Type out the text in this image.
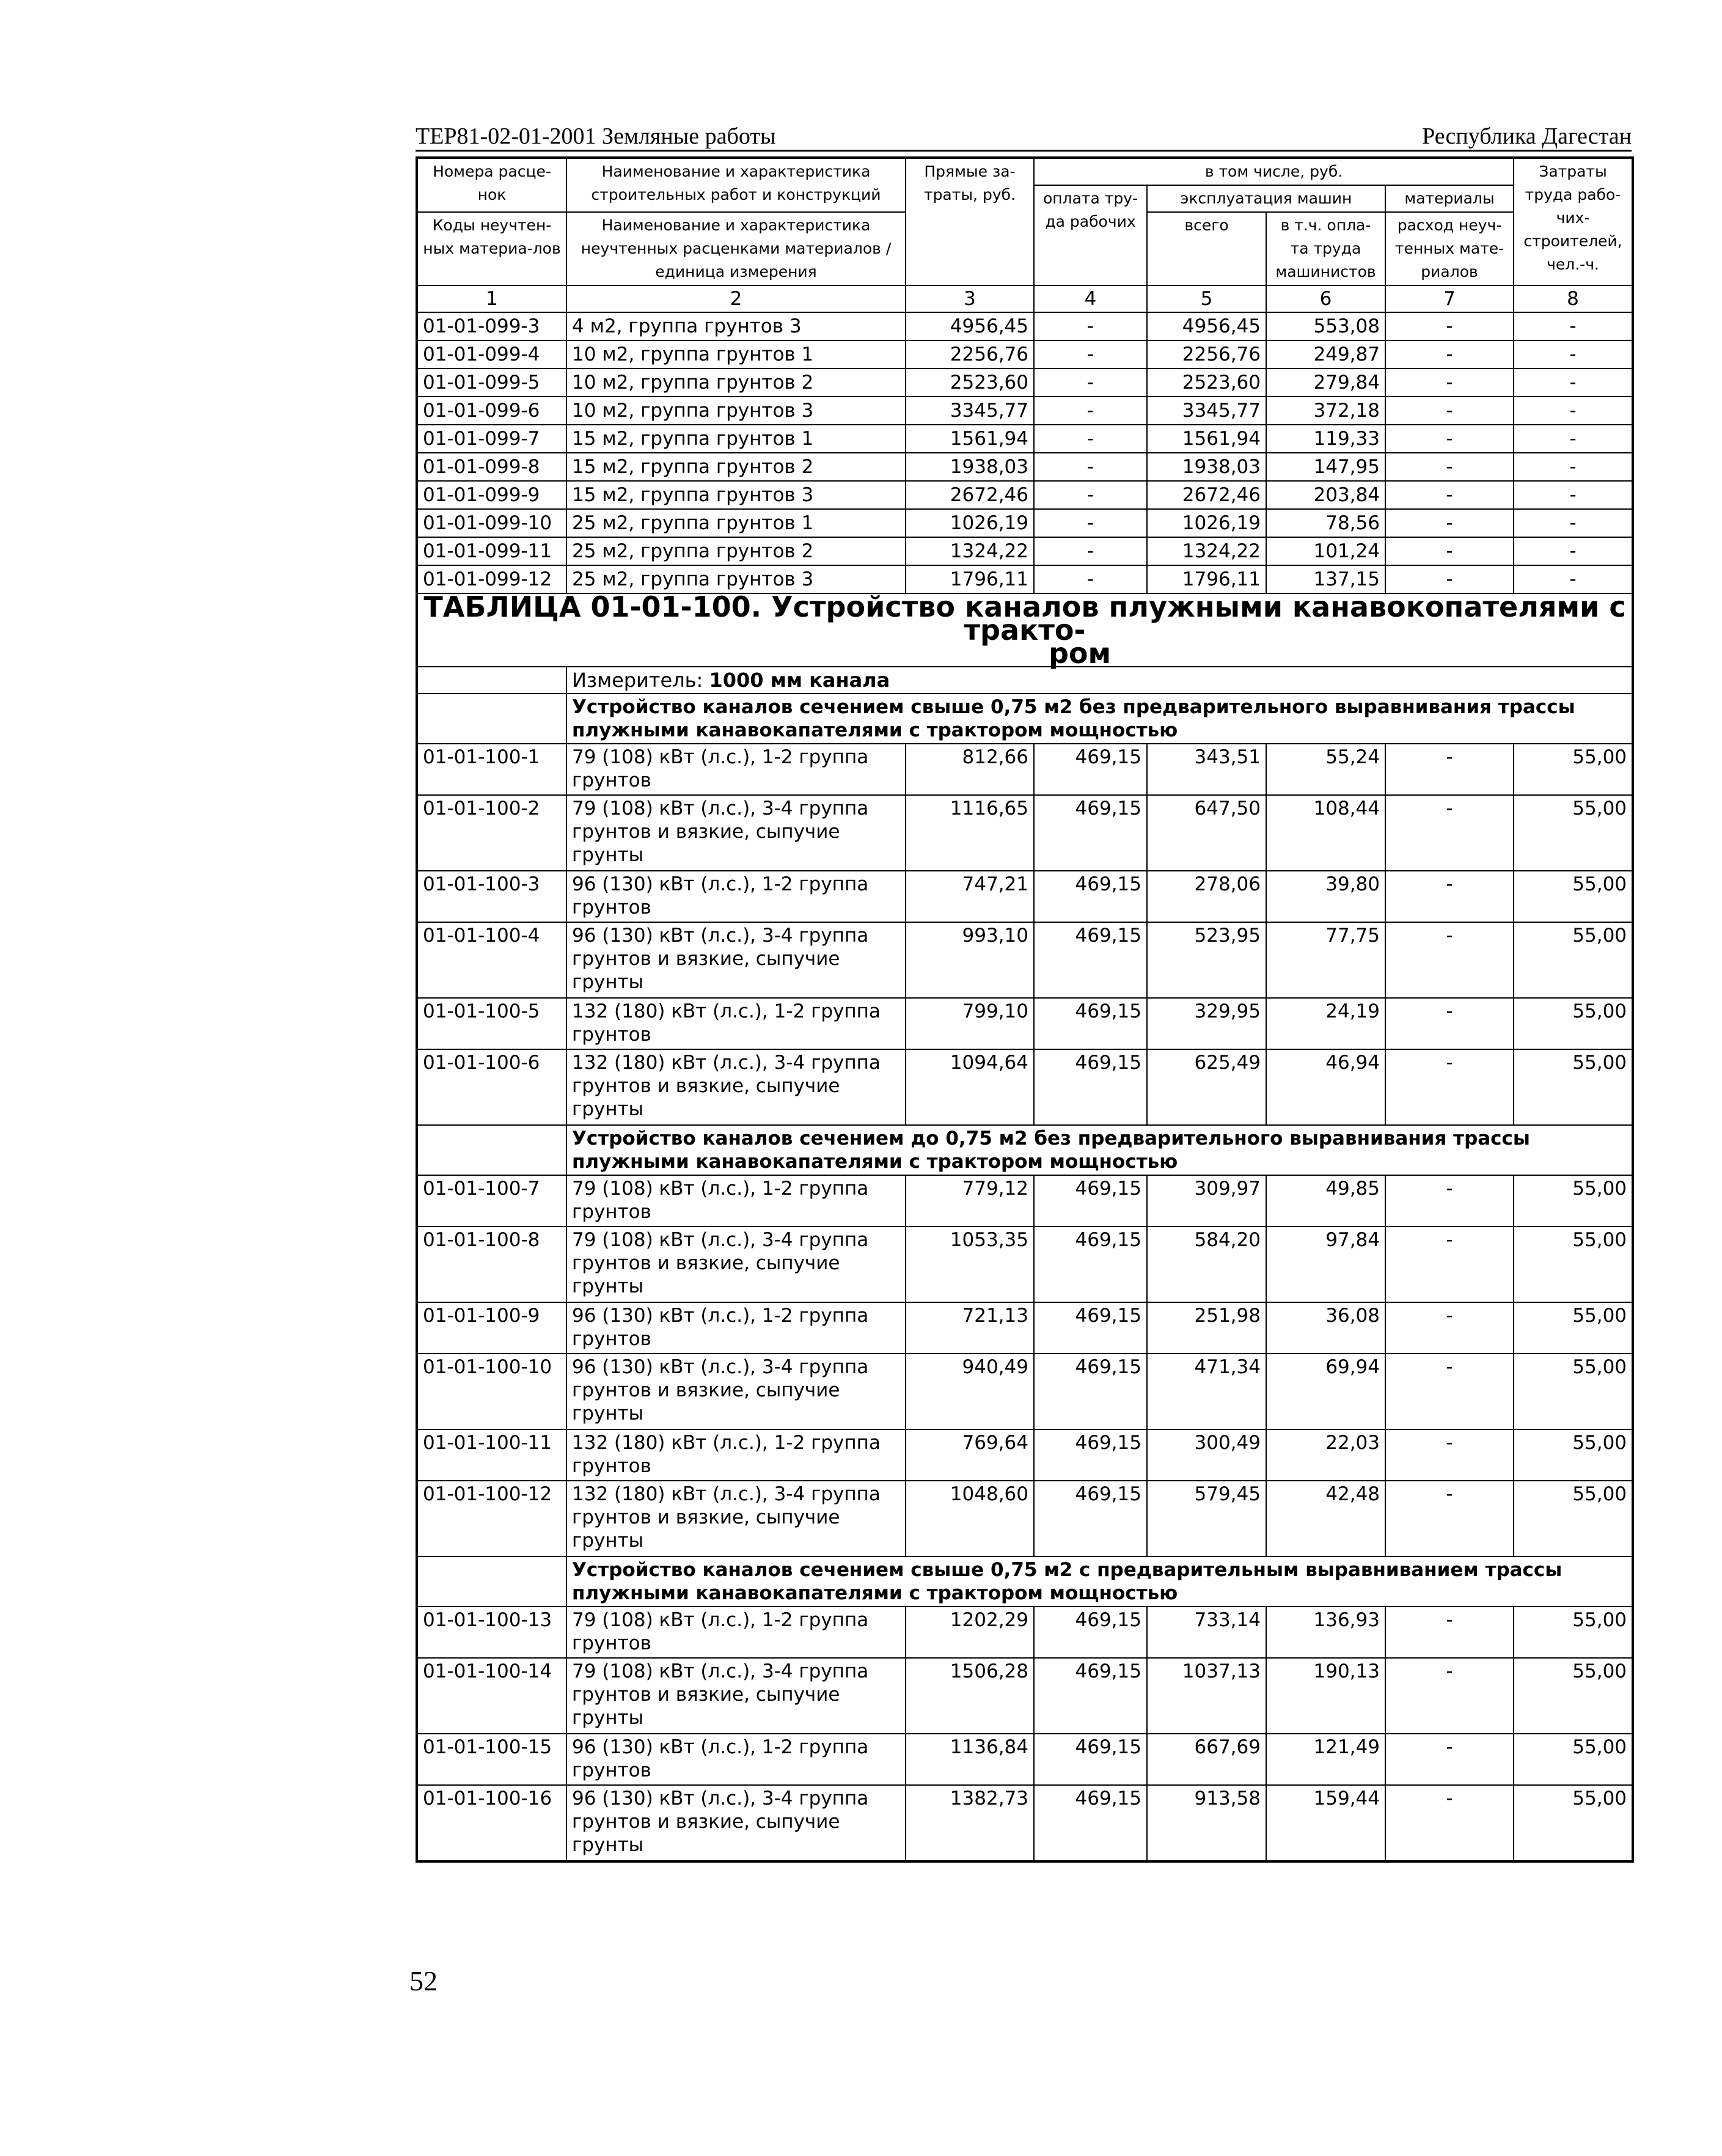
ТЕР81-02-01-2001 Земляные работы	Республика Дагестан
Номера расце-нок	Наименование и характеристика строительных работ и конструкций	Прямые за-траты, руб.	в том числе, руб.				Затраты труда рабо-чих-строителей, чел.-ч.
			оплата тру-да рабочих	эксплуатация машин		материалы	
Коды неучтен-ных материа-лов	Наименование и характеристика неучтенных расценками материалов / единица измерения			всего	в т.ч. опла-та труда машинистов	расход неуч-тенных мате-риалов	

1	2	3	4	5	6	7	8
01-01-099-3	4 м2, группа грунтов 3	4956,45	-	4956,45	553,08	-	-
01-01-099-4	10 м2, группа грунтов 1	2256,76	-	2256,76	249,87	-	-
01-01-099-5	10 м2, группа грунтов 2	2523,60	-	2523,60	279,84	-	-
01-01-099-6	10 м2, группа грунтов 3	3345,77	-	3345,77	372,18	-	-
01-01-099-7	15 м2, группа грунтов 1	1561,94	-	1561,94	119,33	-	-
01-01-099-8	15 м2, группа грунтов 2	1938,03	-	1938,03	147,95	-	-
01-01-099-9	15 м2, группа грунтов 3	2672,46	-	2672,46	203,84	-	-
01-01-099-10	25 м2, группа грунтов 1	1026,19	-	1026,19	78,56	-	-
01-01-099-11	25 м2, группа грунтов 2	1324,22	-	1324,22	101,24	-	-
01-01-099-12	25 м2, группа грунтов 3	1796,11	-	1796,11	137,15	-	-
ТАБЛИЦА 01-01-100. Устройство каналов плужными канавокопателями с тракто-
ром							
	Измеритель: 1000 мм канала						
	Устройство каналов сечением свыше 0,75 м2 без предварительного выравнивания трассы плужными канавокапателями с трактором мощностью						
01-01-100-1	79 (108) кВт (л.с.), 1-2 группа грунтов	812,66	469,15	343,51	55,24	-	55,00
01-01-100-2	79 (108) кВт (л.с.), 3-4 группа грунтов и вязкие, сыпучие грунты	1116,65	469,15	647,50	108,44	-	55,00
01-01-100-3	96 (130) кВт (л.с.), 1-2 группа грунтов	747,21	469,15	278,06	39,80	-	55,00
01-01-100-4	96 (130) кВт (л.с.), 3-4 группа грунтов и вязкие, сыпучие грунты	993,10	469,15	523,95	77,75	-	55,00
01-01-100-5	132 (180) кВт (л.с.), 1-2 группа грунтов	799,10	469,15	329,95	24,19	-	55,00
01-01-100-6	132 (180) кВт (л.с.), 3-4 группа грунтов и вязкие, сыпучие грунты	1094,64	469,15	625,49	46,94	-	55,00
	Устройство каналов сечением до 0,75 м2 без предварительного выравнивания трассы плужными канавокапателями с трактором мощностью						
01-01-100-7	79 (108) кВт (л.с.), 1-2 группа грунтов	779,12	469,15	309,97	49,85	-	55,00
01-01-100-8	79 (108) кВт (л.с.), 3-4 группа грунтов и вязкие, сыпучие грунты	1053,35	469,15	584,20	97,84	-	55,00
01-01-100-9	96 (130) кВт (л.с.), 1-2 группа грунтов	721,13	469,15	251,98	36,08	-	55,00
01-01-100-10	96 (130) кВт (л.с.), 3-4 группа грунтов и вязкие, сыпучие грунты	940,49	469,15	471,34	69,94	-	55,00
01-01-100-11	132 (180) кВт (л.с.), 1-2 группа грунтов	769,64	469,15	300,49	22,03	-	55,00
01-01-100-12	132 (180) кВт (л.с.), 3-4 группа грунтов и вязкие, сыпучие грунты	1048,60	469,15	579,45	42,48	-	55,00
	Устройство каналов сечением свыше 0,75 м2 с предварительным выравниванием трассы плужными канавокапателями с трактором мощностью						
01-01-100-13	79 (108) кВт (л.с.), 1-2 группа грунтов	1202,29	469,15	733,14	136,93	-	55,00
01-01-100-14	79 (108) кВт (л.с.), 3-4 группа грунтов и вязкие, сыпучие грунты	1506,28	469,15	1037,13	190,13	-	55,00
01-01-100-15	96 (130) кВт (л.с.), 1-2 группа грунтов	1136,84	469,15	667,69	121,49	-	55,00
01-01-100-16	96 (130) кВт (л.с.), 3-4 группа грунтов и вязкие, сыпучие грунты	1382,73	469,15	913,58	159,44	-	55,00
52
